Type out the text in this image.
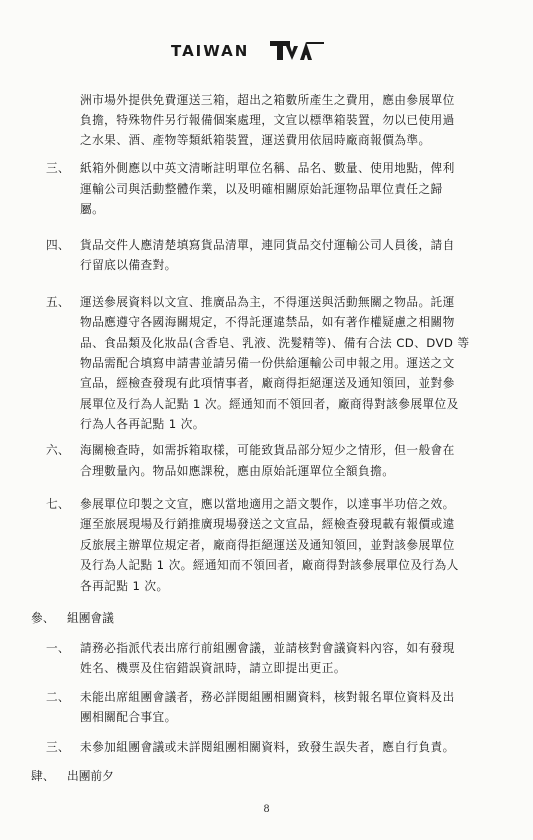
TAIWAN
洲市場外提供免費運送三箱，超出之箱數所產生之費用，應由參展單位
負擔，特殊物件另行報備個案處理，文宣以標準箱裝置，勿以已使用過
之水果、酒、產物等類紙箱裝置，運送費用依屆時廠商報價為準。
三、 紙箱外側應以中英文清晰註明單位名稱、品名、數量、使用地點，俾利
運輸公司與活動整體作業，以及明確相關原始託運物品單位責任之歸
屬。
四、 貨品交件人應清楚填寫貨品清單，連同貨品交付運輸公司人員後，請自
行留底以備查對。
五、 運送參展資料以文宣、推廣品為主，不得運送與活動無關之物品。託運
物品應遵守各國海關規定，不得託運違禁品，如有著作權疑慮之相關物
品、食品類及化妝品(含香皂、乳液、洗髮精等)、備有合法 CD、DVD 等
物品需配合填寫申請書並請另備一份供給運輸公司申報之用。運送之文
宣品，經檢查發現有此項情事者，廠商得拒絕運送及通知領回，並對參
展單位及行為人記點 1 次。經通知而不領回者，廠商得對該參展單位及
行為人各再記點 1 次。
六、 海關檢查時，如需拆箱取樣，可能致貨品部分短少之情形，但一般會在
合理數量內。物品如應課稅，應由原始託運單位全額負擔。
七、 參展單位印製之文宣，應以當地適用之語文製作，以達事半功倍之效。
運至旅展現場及行銷推廣現場發送之文宣品，經檢查發現載有報價或違
反旅展主辦單位規定者，廠商得拒絕運送及通知領回，並對該參展單位
及行為人記點 1 次。經通知而不領回者，廠商得對該參展單位及行為人
各再記點 1 次。
參、 組團會議
一、 請務必指派代表出席行前組團會議，並請核對會議資料內容，如有發現
姓名、機票及住宿錯誤資訊時，請立即提出更正。
二、 未能出席組團會議者，務必詳閱組團相關資料，核對報名單位資料及出
團相關配合事宜。
三、 未參加組團會議或未詳閱組團相關資料，致發生誤失者，應自行負責。
肆、 出團前夕
8
